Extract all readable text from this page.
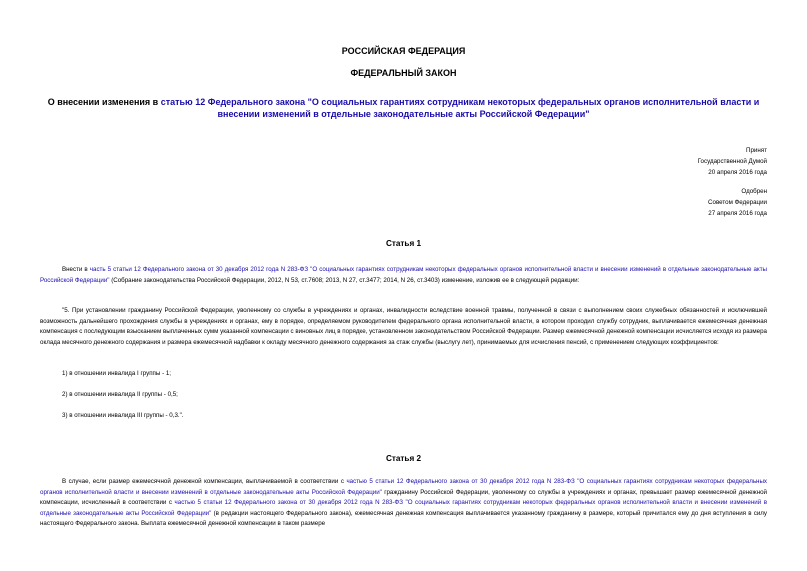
РОССИЙСКАЯ ФЕДЕРАЦИЯ
ФЕДЕРАЛЬНЫЙ ЗАКОН
О внесении изменения в статью 12 Федерального закона "О социальных гарантиях сотрудникам некоторых федеральных органов исполнительной власти и внесении изменений в отдельные законодательные акты Российской Федерации"
Принят
Государственной Думой
20 апреля 2016 года
Одобрен
Советом Федерации
27 апреля 2016 года
Статья 1
Внести в часть 5 статьи 12 Федерального закона от 30 декабря 2012 года N 283-ФЗ "О социальных гарантиях сотрудникам некоторых федеральных органов исполнительной власти и внесении изменений в отдельные законодательные акты Российской Федерации" (Собрание законодательства Российской Федерации, 2012, N 53, ст.7608; 2013, N 27, ст.3477; 2014, N 26, ст.3403) изменение, изложив ее в следующей редакции:
"5. При установлении гражданину Российской Федерации, уволенному со службы в учреждениях и органах, инвалидности вследствие военной травмы, полученной в связи с выполнением своих служебных обязанностей и исключившей возможность дальнейшего прохождения службы в учреждениях и органах, ему в порядке, определяемом руководителем федерального органа исполнительной власти, в котором проходил службу сотрудник, выплачивается ежемесячная денежная компенсация с последующим взысканием выплаченных сумм указанной компенсации с виновных лиц в порядке, установленном законодательством Российской Федерации. Размер ежемесячной денежной компенсации исчисляется исходя из размера оклада месячного денежного содержания и размера ежемесячной надбавки к окладу месячного денежного содержания за стаж службы (выслугу лет), принимаемых для исчисления пенсий, с применением следующих коэффициентов:
1) в отношении инвалида I группы - 1;
2) в отношении инвалида II группы - 0,5;
3) в отношении инвалида III группы - 0,3.".
Статья 2
В случае, если размер ежемесячной денежной компенсации, выплачиваемой в соответствии с частью 5 статьи 12 Федерального закона от 30 декабря 2012 года N 283-ФЗ "О социальных гарантиях сотрудникам некоторых федеральных органов исполнительной власти и внесении изменений в отдельные законодательные акты Российской Федерации" гражданину Российской Федерации, уволенному со службы в учреждениях и органах, превышает размер ежемесячной денежной компенсации, исчисленный в соответствии с частью 5 статьи 12 Федерального закона от 30 декабря 2012 года N 283-ФЗ "О социальных гарантиях сотрудникам некоторых федеральных органов исполнительной власти и внесении изменений в отдельные законодательные акты Российской Федерации" (в редакции настоящего Федерального закона), ежемесячная денежная компенсация выплачивается указанному гражданину в размере, который причитался ему до дня вступления в силу настоящего Федерального закона. Выплата ежемесячной денежной компенсации в таком размере
